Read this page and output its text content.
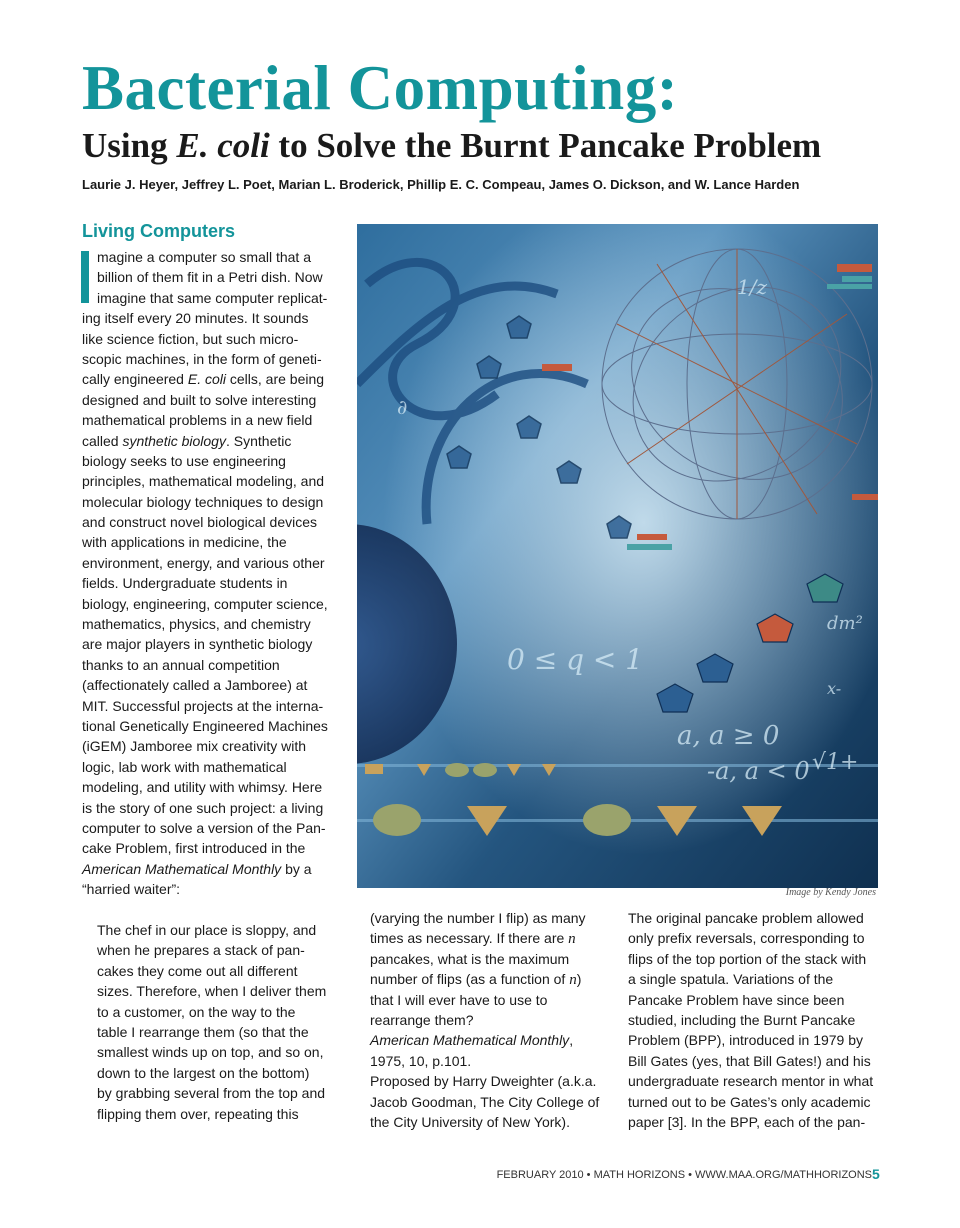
Bacterial Computing:
Using E. coli to Solve the Burnt Pancake Problem

Laurie J. Heyer, Jeffrey L. Poet, Marian L. Broderick, Phillip E. C. Compeau, James O. Dickson, and W. Lance Harden

Living Computers
magine a computer so small that a
billion of them fit in a Petri dish. Now
imagine that same computer replicat-
ing itself every 20 minutes. It sounds
like science fiction, but such micro-
scopic machines, in the form of geneti-
cally engineered E. coli cells, are being
designed and built to solve interesting
mathematical problems in a new field
called synthetic biology. Synthetic
biology seeks to use engineering
principles, mathematical modeling, and
molecular biology techniques to design
and construct novel biological devices
with applications in medicine, the
environment, energy, and various other
fields. Undergraduate students in
biology, engineering, computer science,
mathematics, physics, and chemistry
are major players in synthetic biology
thanks to an annual competition
(affectionately called a Jamboree) at
MIT. Successful projects at the interna-
tional Genetically Engineered Machines
(iGEM) Jamboree mix creativity with
logic, lab work with mathematical
modeling, and utility with whimsy. Here
is the story of one such project: a living
computer to solve a version of the Pan-
cake Problem, first introduced in the
American Mathematical Monthly by a
“harried waiter”:
The chef in our place is sloppy, and
when he prepares a stack of pan-
cakes they come out all different
sizes. Therefore, when I deliver them
to a customer, on the way to the
table I rearrange them (so that the
smallest winds up on top, and so on,
down to the largest on the bottom)
by grabbing several from the top and
flipping them over, repeating this
(varying the number I flip) as many
times as necessary. If there are n
pancakes, what is the maximum
number of flips (as a function of n)
that I will ever have to use to
rearrange them?
American Mathematical Monthly,
1975, 10, p.101.
Proposed by Harry Dweighter (a.k.a.
Jacob Goodman, The City College of
the City University of New York).
The original pancake problem allowed
only prefix reversals, corresponding to
flips of the top portion of the stack with
a single spatula. Variations of the
Pancake Problem have since been
studied, including the Burnt Pancake
Problem (BPP), introduced in 1979 by
Bill Gates (yes, that Bill Gates!) and his
undergraduate research mentor in what
turned out to be Gates’s only academic
paper [3]. In the BPP, each of the pan-
0 ≤ q < 1
a, a ≥ 0
-a, a < 0 √1+
dm²
1/z
∂
x-
Image by Kendy Jones
FEBRUARY 2010 • MATH HORIZONS • WWW.MAA.ORG/MATHHORIZONS 5
